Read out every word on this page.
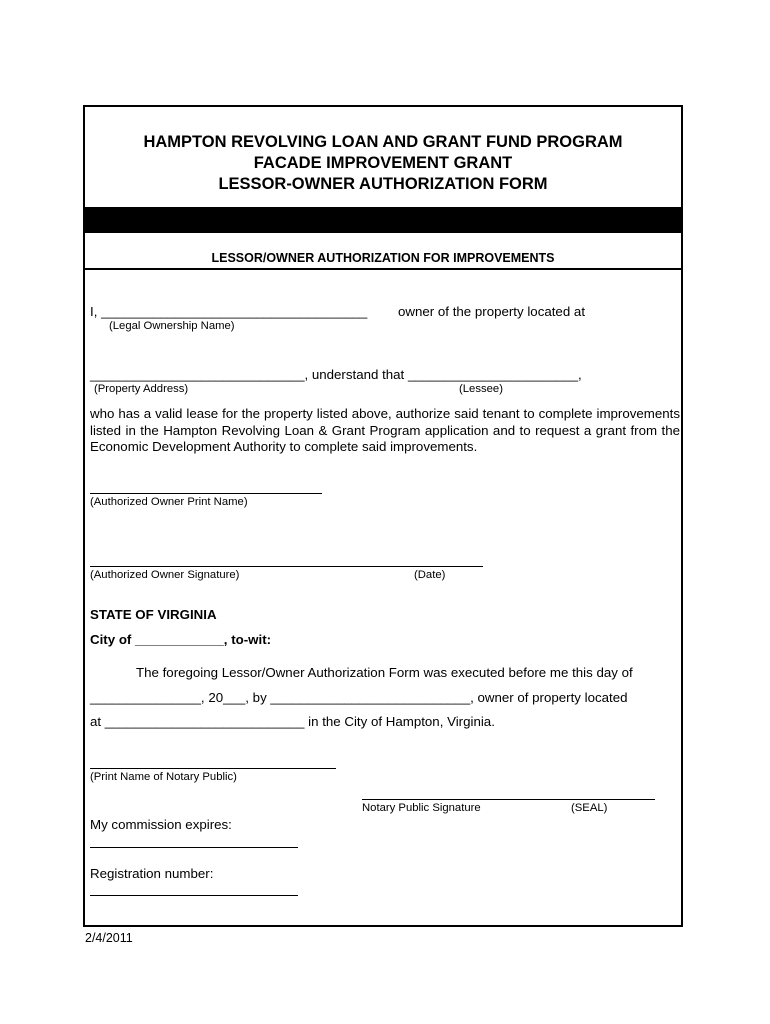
HAMPTON REVOLVING LOAN AND GRANT FUND PROGRAM
FACADE IMPROVEMENT GRANT
LESSOR-OWNER AUTHORIZATION FORM
LESSOR/OWNER AUTHORIZATION FOR IMPROVEMENTS
I, ____________________________________ owner of the property located at
(Legal Ownership Name)
_____________________________, understand that _______________________,
(Property Address)	(Lessee)
who has a valid lease for the property listed above, authorize said tenant to complete improvements listed in the Hampton Revolving Loan & Grant Program application and to request a grant from the Economic Development Authority to complete said improvements.
(Authorized Owner Print Name)
(Authorized Owner Signature)	(Date)
STATE OF VIRGINIA
City of ____________, to-wit:
The foregoing Lessor/Owner Authorization Form was executed before me this day of
_______________, 20___, by ___________________________, owner of property located
at ___________________________ in the City of Hampton, Virginia.
(Print Name of Notary Public)
Notary Public Signature	(SEAL)
My commission expires:
Registration number:
2/4/2011
